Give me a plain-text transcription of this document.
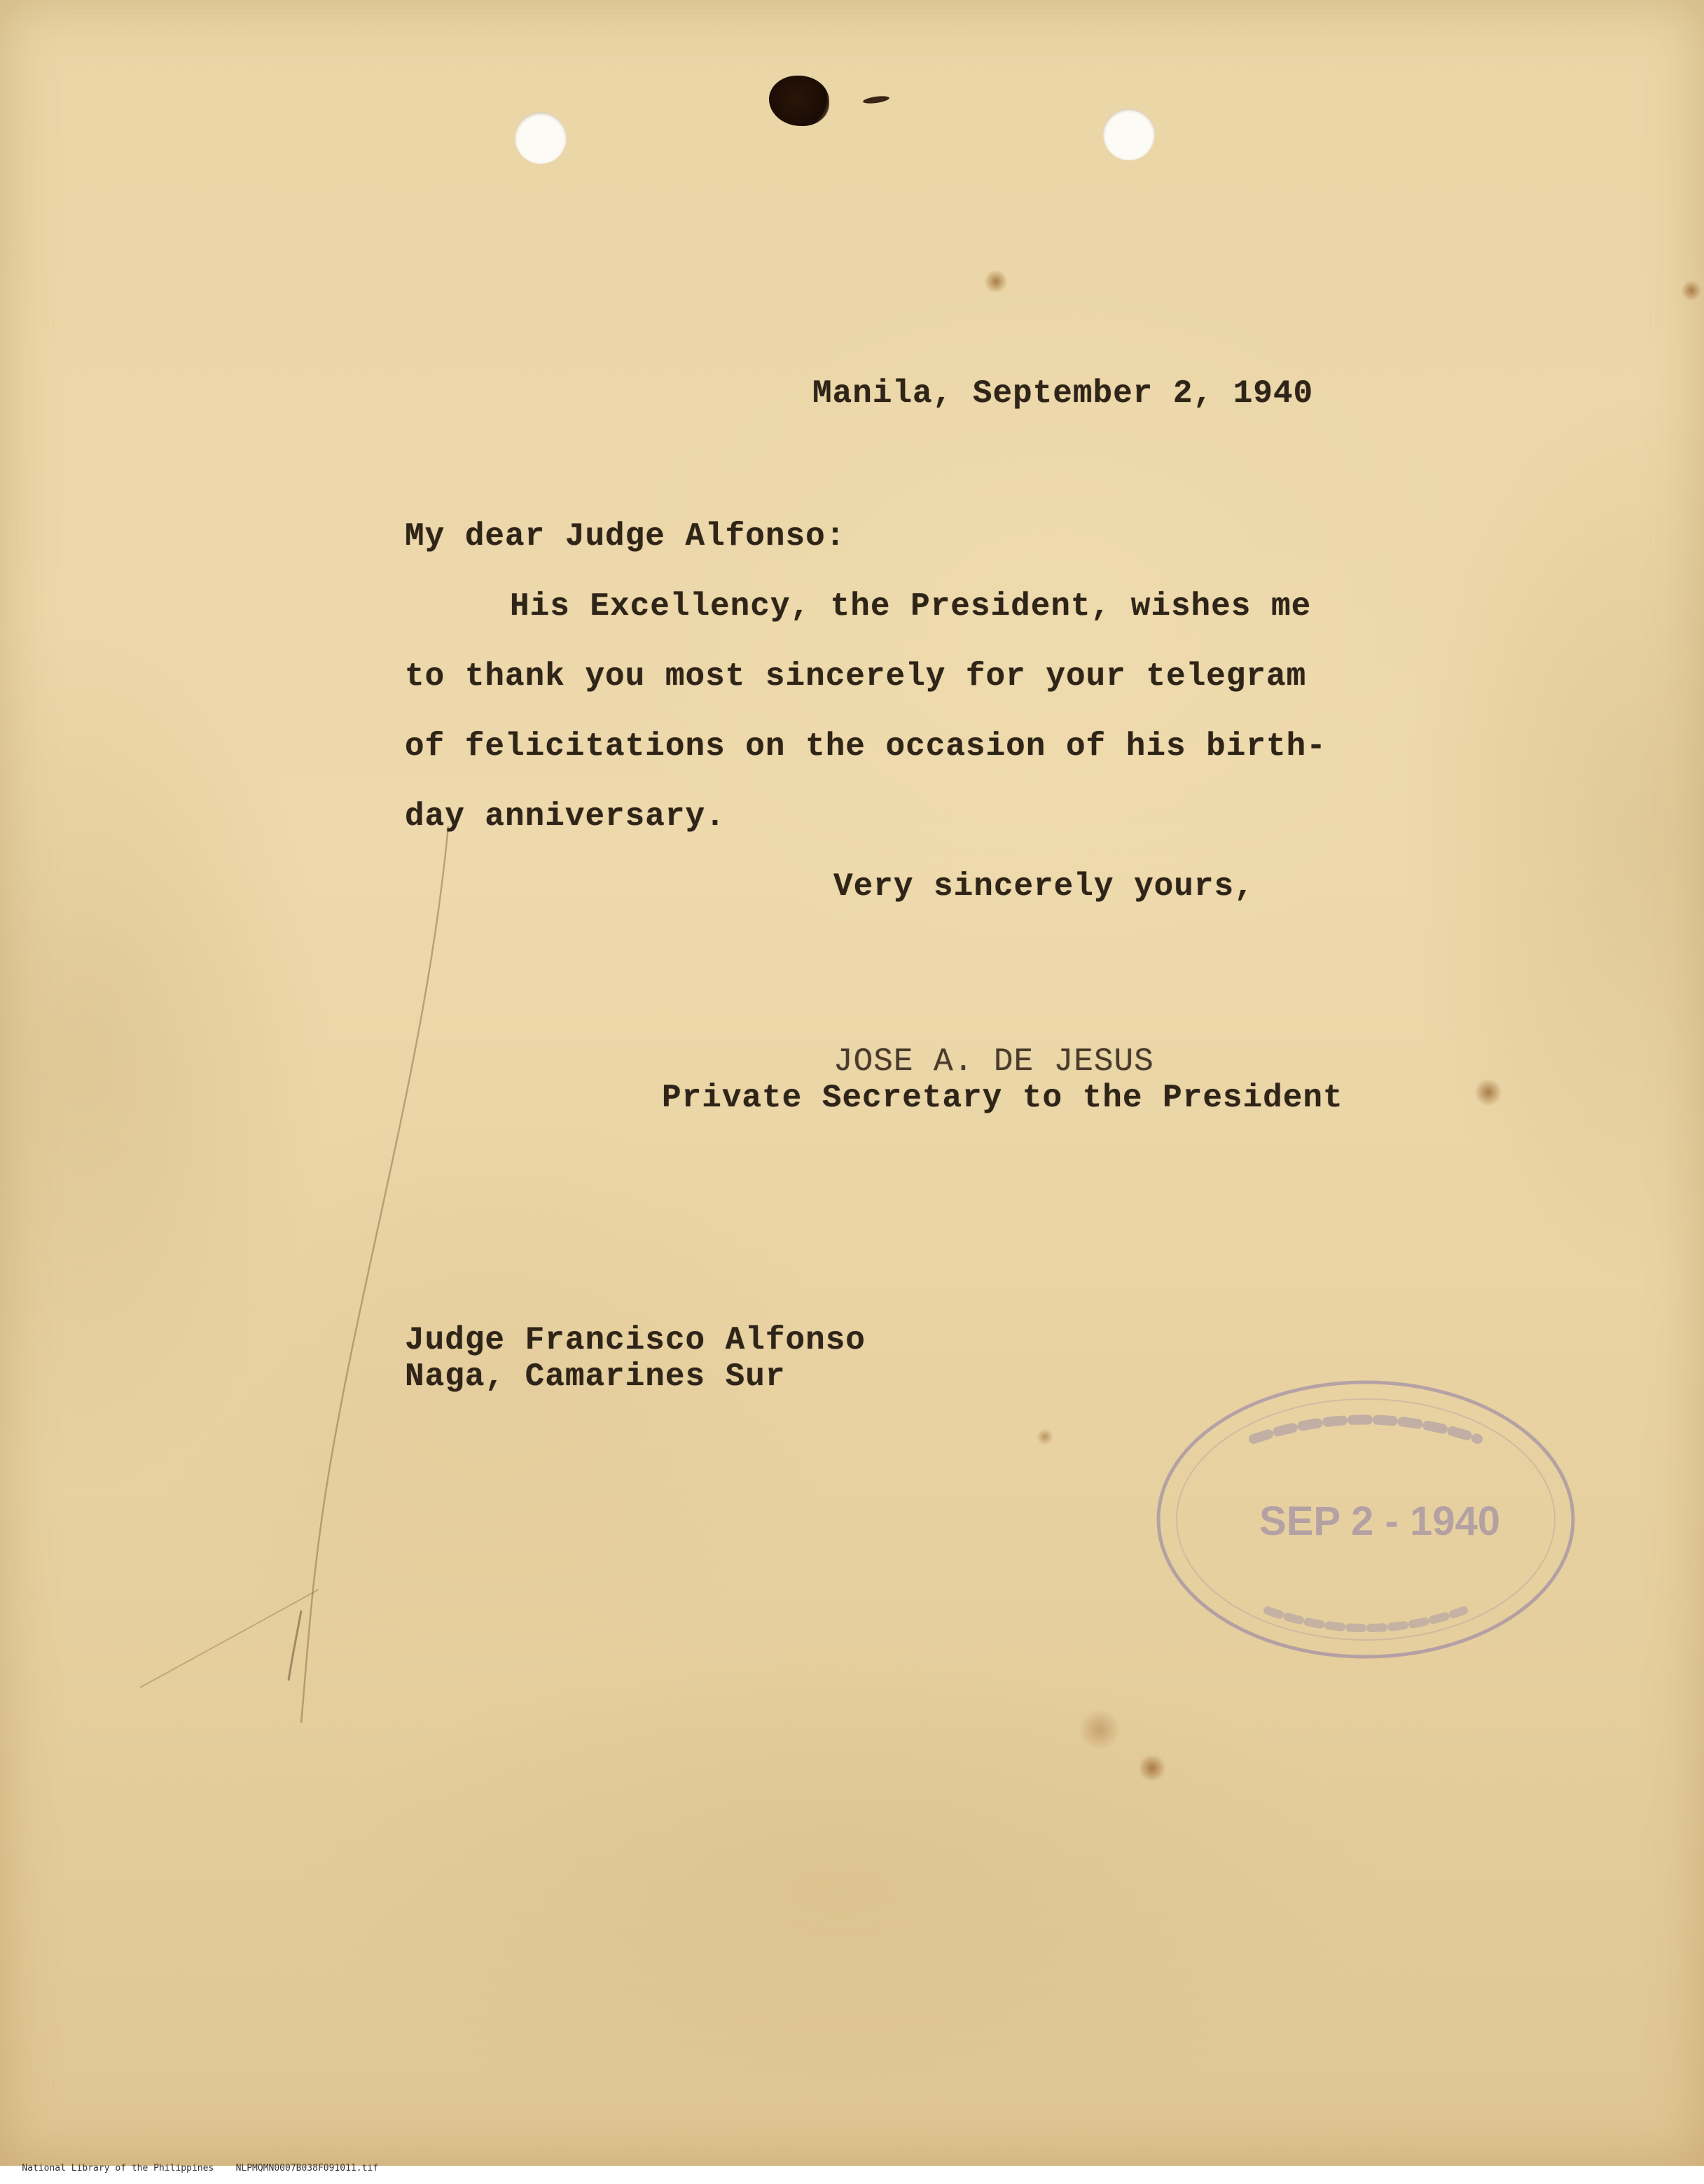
Manila, September 2, 1940
My dear Judge Alfonso:
His Excellency, the President, wishes me
to thank you most sincerely for your telegram
of felicitations on the occasion of his birth-
day anniversary.
Very sincerely yours,
JOSE A. DE JESUS
Private Secretary to the President
Judge Francisco Alfonso
Naga, Camarines Sur
SEP 2 - 1940

National Library of the Philippines NLPMQMN0007B038F091011.tif
